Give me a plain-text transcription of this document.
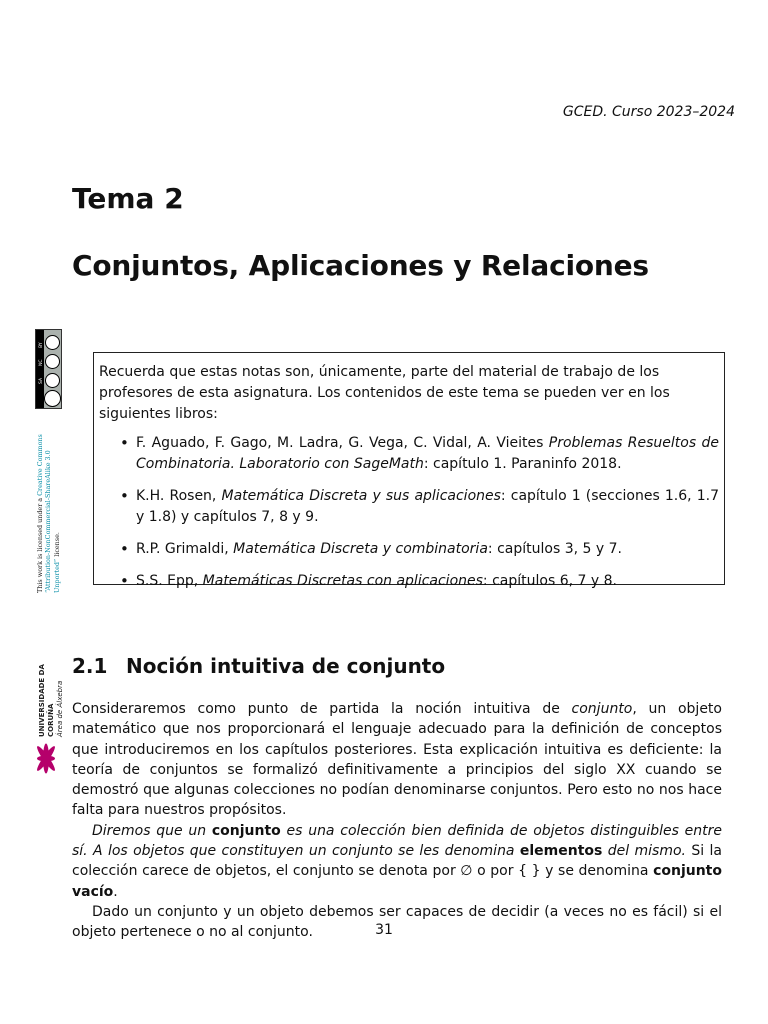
GCED. Curso 2023–2024
Tema 2
Conjuntos, Aplicaciones y Relaciones
BY
NC
SA
This work is licensed under a Creative Commons “Attribution-NonCommercial-ShareAlike 3.0 Unported” license.

Recuerda que estas notas son, únicamente, parte del material de trabajo de los profesores de esta asignatura. Los contenidos de este tema se pueden ver en los siguientes libros:

• F. Aguado, F. Gago, M. Ladra, G. Vega, C. Vidal, A. Vieites Problemas Resueltos de Combinatoria. Laboratorio con SageMath: capítulo 1. Paraninfo 2018.
• K.H. Rosen, Matemática Discreta y sus aplicaciones: capítulo 1 (secciones 1.6, 1.7 y 1.8) y capítulos 7, 8 y 9.
• R.P. Grimaldi, Matemática Discreta y combinatoria: capítulos 3, 5 y 7.
• S.S. Epp, Matemáticas Discretas con aplicaciones: capítulos 6, 7 y 8.
UNIVERSIDADE DA CORUÑA Área de Álxebra
2.1 Noción intuitiva de conjunto

Consideraremos como punto de partida la noción intuitiva de conjunto, un objeto matemático que nos proporcionará el lenguaje adecuado para la definición de conceptos que introduciremos en los capítulos posteriores. Esta explicación intuitiva es deficiente: la teoría de conjuntos se formalizó definitivamente a principios del siglo XX cuando se demostró que algunas colecciones no podían denominarse conjuntos. Pero esto no nos hace falta para nuestros propósitos.

Diremos que un conjunto es una colección bien definida de objetos distinguibles entre sí. A los objetos que constituyen un conjunto se les denomina elementos del mismo. Si la colección carece de objetos, el conjunto se denota por ∅ o por { } y se denomina conjunto vacío.

Dado un conjunto y un objeto debemos ser capaces de decidir (a veces no es fácil) si el objeto pertenece o no al conjunto.	31
